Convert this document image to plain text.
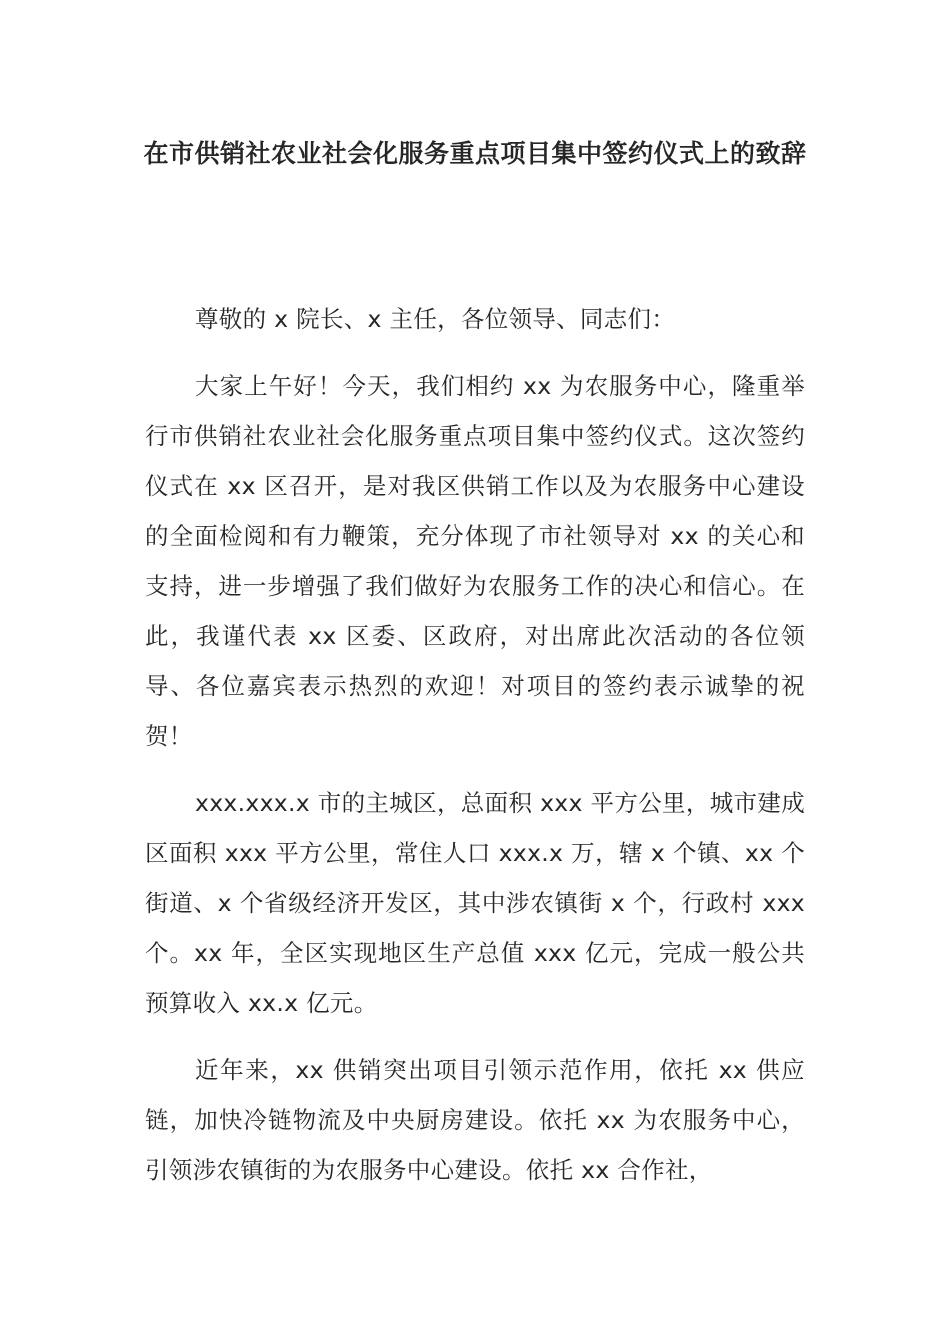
在市供销社农业社会化服务重点项目集中签约仪式上的致辞

尊敬的 x 院长、x 主任，各位领导、同志们：

大家上午好！今天，我们相约 xx 为农服务中心，隆重举行市供销社农业社会化服务重点项目集中签约仪式。这次签约仪式在 xx 区召开，是对我区供销工作以及为农服务中心建设的全面检阅和有力鞭策，充分体现了市社领导对 xx 的关心和支持，进一步增强了我们做好为农服务工作的决心和信心。在此，我谨代表 xx 区委、区政府，对出席此次活动的各位领导、各位嘉宾表示热烈的欢迎！对项目的签约表示诚挚的祝贺！

xxx.xxx.x 市的主城区，总面积 xxx 平方公里，城市建成区面积 xxx 平方公里，常住人口 xxx.x 万，辖 x 个镇、xx 个街道、x 个省级经济开发区，其中涉农镇街 x 个，行政村 xxx 个。xx 年，全区实现地区生产总值 xxx 亿元，完成一般公共预算收入 xx.x 亿元。

近年来，xx 供销突出项目引领示范作用，依托 xx 供应链，加快冷链物流及中央厨房建设。依托 xx 为农服务中心，引领涉农镇街的为农服务中心建设。依托 xx 合作社，
